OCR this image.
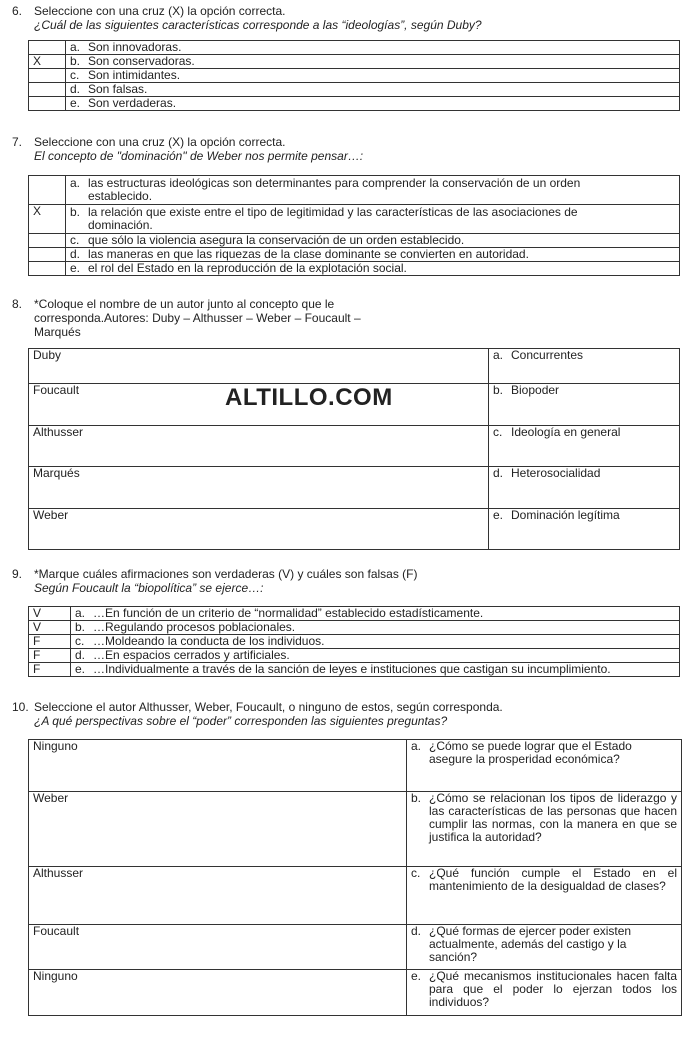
6. Seleccione con una cruz (X) la opción correcta.
¿Cuál de las siguientes características corresponde a las “ideologías”, según Duby?

	a. Son innovadoras.

X	b. Son conservadoras.

	c. Son intimidantes.

	d. Son falsas.

	e. Son verdaderas.
7. Seleccione con una cruz (X) la opción correcta.
El concepto de "dominación" de Weber nos permite pensar…:

	a. las estructuras ideológicas son determinantes para comprender la conservación de un orden establecido.

X	b. la relación que existe entre el tipo de legitimidad y las características de las asociaciones de dominación.

	c. que sólo la violencia asegura la conservación de un orden establecido.

	d. las maneras en que las riquezas de la clase dominante se convierten en autoridad.

	e. el rol del Estado en la reproducción de la explotación social.
8. *Coloque el nombre de un autor junto al concepto que le corresponda.Autores: Duby – Althusser – Weber – Foucault – Marqués
Duby	a. Concurrentes

Foucault	b. Biopoder

Althusser	c. Ideología en general

Marqués	d. Heterosocialidad

Weber	e. Dominación legítima
ALTILLO.COM
9. *Marque cuáles afirmaciones son verdaderas (V) y cuáles son falsas (F)
Según Foucault la “biopolítica” se ejerce…:
V	a. …En función de un criterio de “normalidad” establecido estadísticamente.

V	b. …Regulando procesos poblacionales.

F	c. …Moldeando la conducta de los individuos.

F	d. …En espacios cerrados y artificiales.

F	e. …Individualmente a través de la sanción de leyes e instituciones que castigan su incumplimiento.
10. Seleccione el autor Althusser, Weber, Foucault, o ninguno de estos, según corresponda.
¿A qué perspectivas sobre el “poder” corresponden las siguientes preguntas?
Ninguno	a. ¿Cómo se puede lograr que el Estado asegure la prosperidad económica?

Weber	b. ¿Cómo se relacionan los tipos de liderazgo y las características de las personas que hacen cumplir las normas, con la manera en que se justifica la autoridad?

Althusser	c. ¿Qué función cumple el Estado en el mantenimiento de la desigualdad de clases?

Foucault	d. ¿Qué formas de ejercer poder existen actualmente, además del castigo y la sanción?

Ninguno	e. ¿Qué mecanismos institucionales hacen falta para que el poder lo ejerzan todos los individuos?
